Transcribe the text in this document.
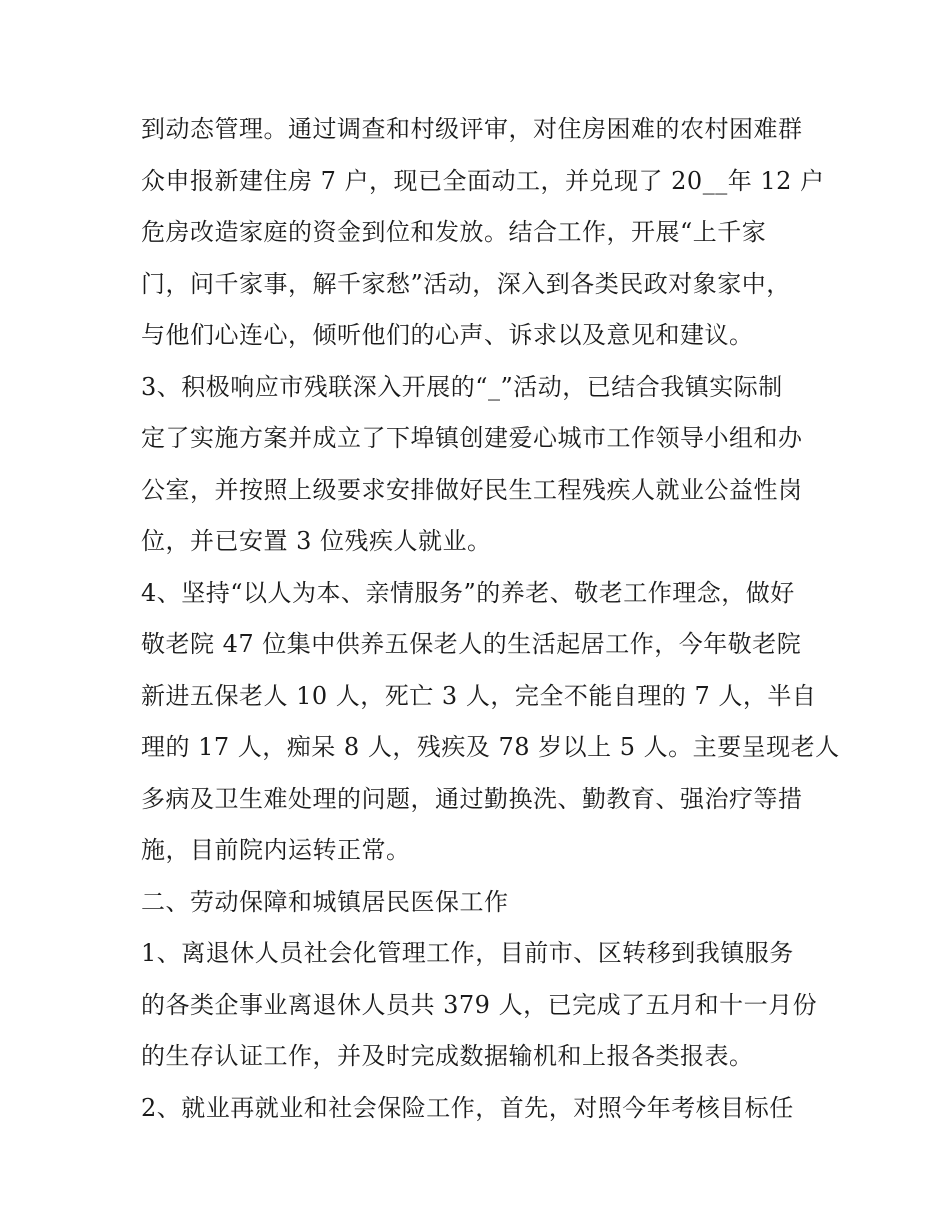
到动态管理。通过调查和村级评审，对住房困难的农村困难群
众申报新建住房 7 户，现已全面动工，并兑现了 20__年 12 户
危房改造家庭的资金到位和发放。结合工作，开展“上千家
门，问千家事，解千家愁”活动，深入到各类民政对象家中，
与他们心连心，倾听他们的心声、诉求以及意见和建议。
3、积极响应市残联深入开展的“_”活动，已结合我镇实际制
定了实施方案并成立了下埠镇创建爱心城市工作领导小组和办
公室，并按照上级要求安排做好民生工程残疾人就业公益性岗
位，并已安置 3 位残疾人就业。
4、坚持“以人为本、亲情服务”的养老、敬老工作理念，做好
敬老院 47 位集中供养五保老人的生活起居工作，今年敬老院
新进五保老人 10 人，死亡 3 人，完全不能自理的 7 人，半自
理的 17 人，痴呆 8 人，残疾及 78 岁以上 5 人。主要呈现老人
多病及卫生难处理的问题，通过勤换洗、勤教育、强治疗等措
施，目前院内运转正常。
二、劳动保障和城镇居民医保工作
1、离退休人员社会化管理工作，目前市、区转移到我镇服务
的各类企事业离退休人员共 379 人，已完成了五月和十一月份
的生存认证工作，并及时完成数据输机和上报各类报表。
2、就业再就业和社会保险工作，首先，对照今年考核目标任
